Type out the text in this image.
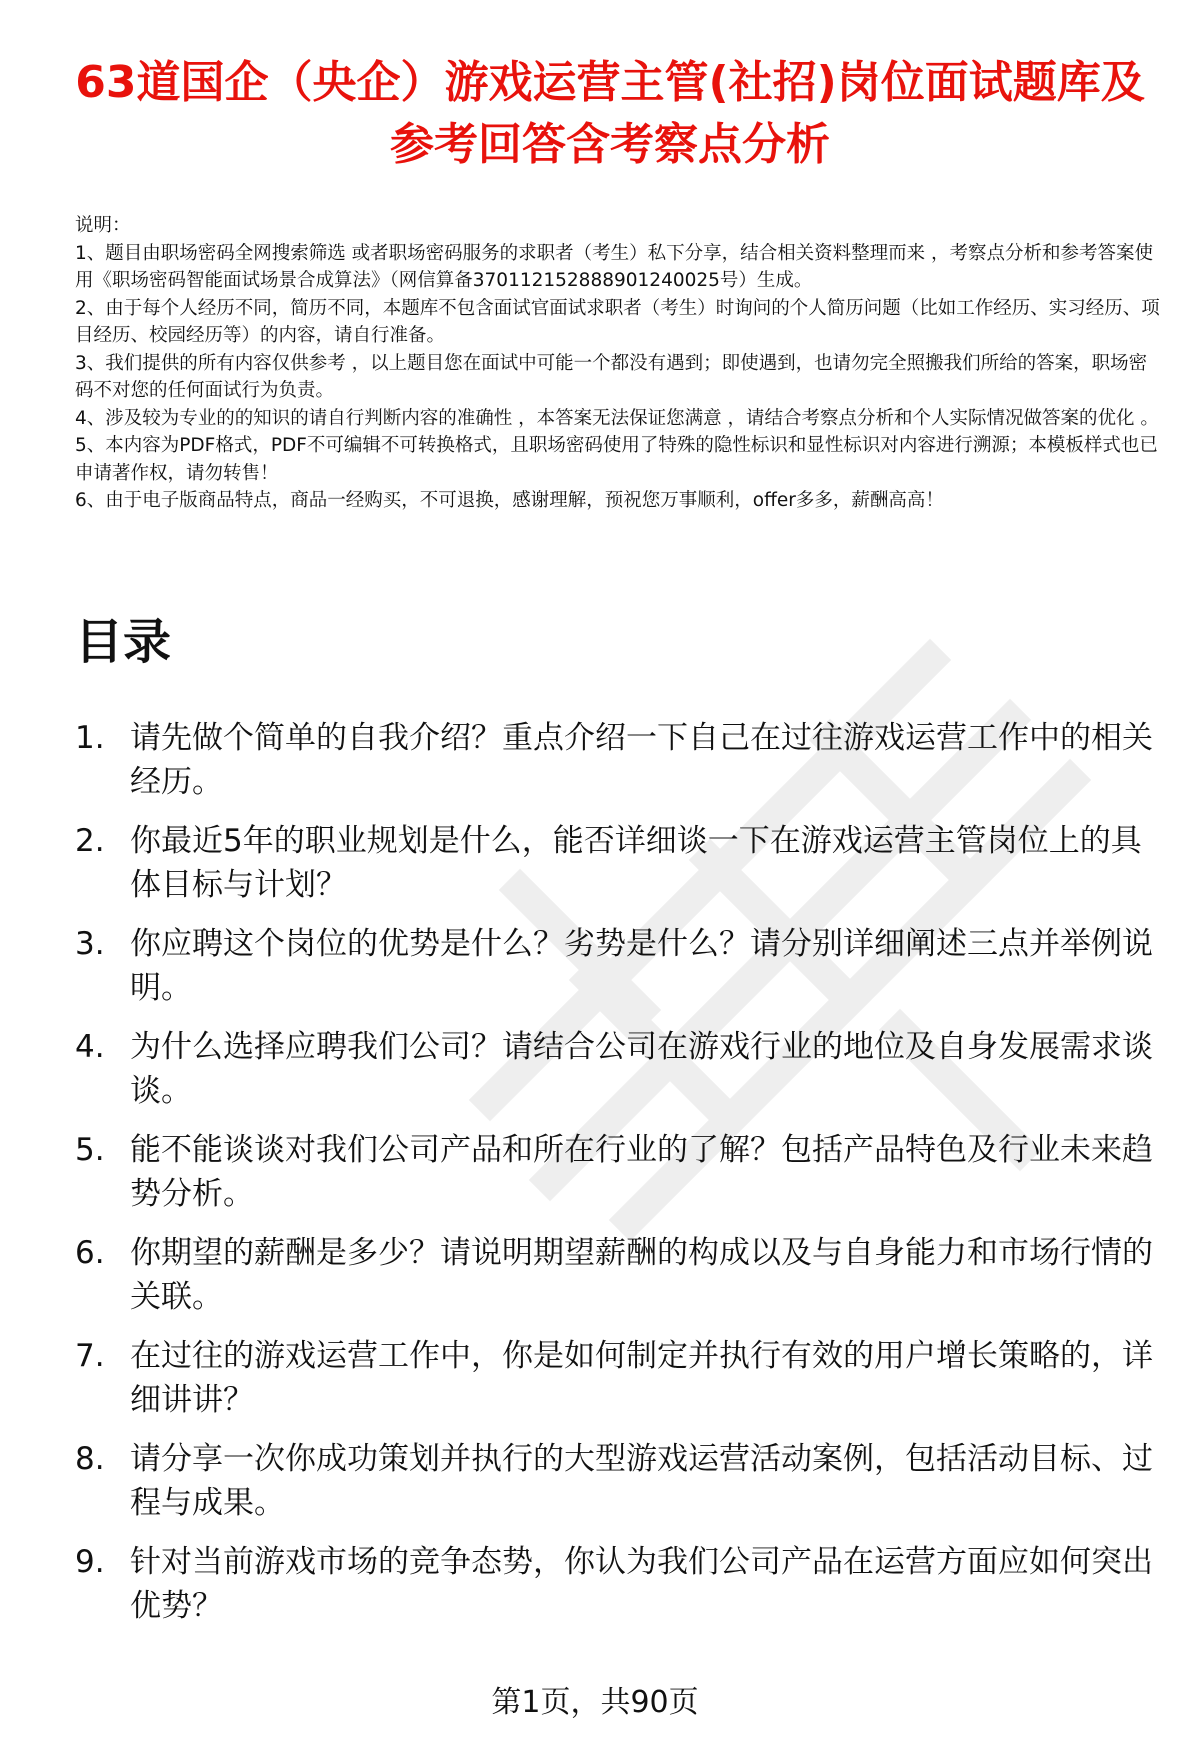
63道国企（央企）游戏运营主管(社招)岗位面试题库及参考回答含考察点分析

说明：

1、题目由职场密码全网搜索筛选 或者职场密码服务的求职者（考生）私下分享，结合相关资料整理而来 ，考察点分析和参考答案使用《职场密码智能面试场景合成算法》（网信算备370112152888901240025号）生成。

2、由于每个人经历不同，简历不同，本题库不包含面试官面试求职者（考生）时询问的个人简历问题（比如工作经历、实习经历、项目经历、校园经历等）的内容，请自行准备。

3、我们提供的所有内容仅供参考 ，以上题目您在面试中可能一个都没有遇到；即使遇到，也请勿完全照搬我们所给的答案，职场密码不对您的任何面试行为负责。

4、涉及较为专业的的知识的请自行判断内容的准确性 ，本答案无法保证您满意 ，请结合考察点分析和个人实际情况做答案的优化 。

5、本内容为PDF格式，PDF不可编辑不可转换格式，且职场密码使用了特殊的隐性标识和显性标识对内容进行溯源；本模板样式也已申请著作权，请勿转售！

6、由于电子版商品特点，商品一经购买，不可退换，感谢理解，预祝您万事顺利，offer多多，薪酬高高！

目录
1. 请先做个简单的自我介绍？重点介绍一下自己在过往游戏运营工作中的相关经历。
2. 你最近5年的职业规划是什么，能否详细谈一下在游戏运营主管岗位上的具体目标与计划？
3. 你应聘这个岗位的优势是什么？劣势是什么？请分别详细阐述三点并举例说明。
4. 为什么选择应聘我们公司？请结合公司在游戏行业的地位及自身发展需求谈谈。
5. 能不能谈谈对我们公司产品和所在行业的了解？包括产品特色及行业未来趋势分析。
6. 你期望的薪酬是多少？请说明期望薪酬的构成以及与自身能力和市场行情的关联。
7. 在过往的游戏运营工作中，你是如何制定并执行有效的用户增长策略的，详细讲讲？
8. 请分享一次你成功策划并执行的大型游戏运营活动案例，包括活动目标、过程与成果。
9. 针对当前游戏市场的竞争态势，你认为我们公司产品在运营方面应如何突出优势？
第1页，共90页
